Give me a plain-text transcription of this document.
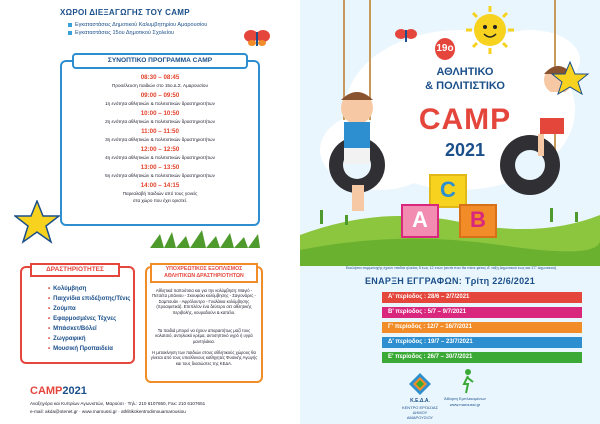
ΧΩΡΟΙ ΔΙΕΞΑΓΩΓΗΣ ΤΟΥ CAMP
Εγκαταστάσεις Δημοτικού Καλυμβητηρίου Αμαρουσίου
Εγκαταστάσεις 15ου Δημοτικού Σχολείου
ΣΥΝΟΠΤΙΚΟ ΠΡΟΓΡΑΜΜΑ CAMP
08:30 – 08:45
Προσέλευση παιδιών στο 15ο Δ.Σ. Αμαρουσίου
09:00 – 09:50
1η ενότητα αθλητικών & πολιτιστικών δραστηριοτήτων
10:00 – 10:50
2η ενότητα αθλητικών & πολιτιστικών δραστηριοτήτων
11:00 – 11:50
3η ενότητα αθλητικών & πολιτιστικών δραστηριοτήτων
12:00 – 12:50
4η ενότητα αθλητικών & πολιτιστικών δραστηριοτήτων
13:00 – 13:50
5η ενότητα αθλητικών & πολιτιστικών δραστηριοτήτων
14:00 – 14:15
Παρεαλαβή παιδιών από τους γονείς
στα χώρο που έχει οριστεί.
ΔΡΑΣΤΗΡΙΟΤΗΤΕΣ
• Κολύμβηση
• Παιχνίδια επιδέξιοτης/Τένις
• Ζούμπα
• Εφαρμοσμένες Τέχνες
• Μπάσκετ/Βόλεϊ
• Ζωγραφική
• Μουσική Προπαιδεία
ΥΠΟΧΡΕΩΤΙΚΟΣ ΕΞΟΠΛΙΣΜΟΣ ΑΘΛΗΤΙΚΩΝ ΔΡΑΣΤΗΡΙΟΤΗΤΩΝ
Αθλητικά παπούτσια και για την κολύμβηση: Μαγιό - Πετσέτα μπάνιου - Σκουφάκι κολύμβησης - Σαγιονάρες - Σαμπουάν - Αφρόλουτρο - Γυαλάκια κολύμβησης (προαιρετικά). Επιπλέον ένα δεύτερο σετ αθλητικής περιβολής, κουραδούνι & καπέλο.
Τα παιδιά μπορεί να έχουν απαραιτήτως μαζί τους κολατσιό, αντηλιακό κρέμα, αντισηπτικό υγρό ή υγρά μαντηλάκια.
Η μετακίνηση των παιδιών στους αθλητικούς χώρους θα γίνεται από τους υπεύθυνους καθηγητές Φυσικής Αγωγής και τους διασώστες της ΚΕΔΑ.
CAMP2021
Αναξηγόρα και Κυπρίων Αγωνιστών, Μαρούσι · Τηλ.: 210 6107650, Fax: 210 6107651
e-mail: akda@otenet.gr · www.maroussi.gr · athlitikokentrodimouamarousiou
C
A	B
19ο
ΑΘΛΗΤΙΚΟ
& ΠΟΛΙΤΙΣΤΙΚΟ
CAMP
2021
Εκκλήσια συμμετοχής έχουν παιδιά ηλικίας 5 έως 12 ετών (αυτά που θα πάνε φέτος Α' τάξη Δημοτικού έως και ΣΤ' Δημοτικού)
ΕΝΑΡΞΗ ΕΓΓΡΑΦΩΝ: Τρίτη 22/6/2021
Α' περίοδος : 28/6 – 2/7/2021
Β' περίοδος : 5/7 – 9/7/2021
Γ' περίοδος : 12/7 – 16/7/2021
Δ' περίοδος : 19/7 – 23/7/2021
Ε' περίοδος : 26/7 – 30/7/2021
Κ.Ε.Δ.Α.
ΚΕΝΤΡΟ ΕΡΓΑΣΙΑΣ ΔΗΜΟΥ ΑΜΑΡΟΥΣΙΟΥ
Άθληση Εμπλεκομένων
www.maroussi.gr
